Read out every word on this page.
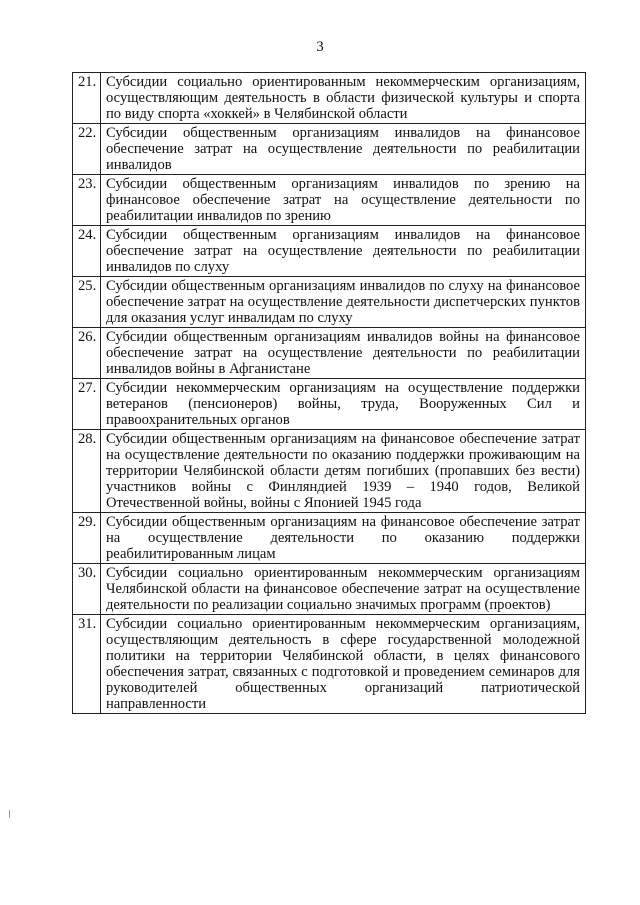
3
21.	Субсидии социально ориентированным некоммерческим организациям, осуществляющим деятельность в области физической культуры и спорта по виду спорта «хоккей» в Челябинской области

22.	Субсидии общественным организациям инвалидов на финансовое обеспечение затрат на осуществление деятельности по реабилитации инвалидов

23.	Субсидии общественным организациям инвалидов по зрению на финансовое обеспечение затрат на осуществление деятельности по реабилитации инвалидов по зрению

24.	Субсидии общественным организациям инвалидов на финансовое обеспечение затрат на осуществление деятельности по реабилитации инвалидов по слуху

25.	Субсидии общественным организациям инвалидов по слуху на финансовое обеспечение затрат на осуществление деятельности диспетчерских пунктов для оказания услуг инвалидам по слуху

26.	Субсидии общественным организациям инвалидов войны на финансовое обеспечение затрат на осуществление деятельности по реабилитации инвалидов войны в Афганистане

27.	Субсидии некоммерческим организациям на осуществление поддержки ветеранов (пенсионеров) войны, труда, Вооруженных Сил и правоохранительных органов

28.	Субсидии общественным организациям на финансовое обеспечение затрат на осуществление деятельности по оказанию поддержки проживающим на территории Челябинской области детям погибших (пропавших без вести) участников войны с Финляндией 1939 – 1940 годов, Великой Отечественной войны, войны с Японией 1945 года

29.	Субсидии общественным организациям на финансовое обеспечение затрат на осуществление деятельности по оказанию поддержки реабилитированным лицам

30.	Субсидии социально ориентированным некоммерческим организациям Челябинской области на финансовое обеспечение затрат на осуществление деятельности по реализации социально значимых программ (проектов)

31.	Субсидии социально ориентированным некоммерческим организациям, осуществляющим деятельность в сфере государственной молодежной политики на территории Челябинской области, в целях финансового обеспечения затрат, связанных с подготовкой и проведением семинаров для руководителей общественных организаций патриотической направленности
